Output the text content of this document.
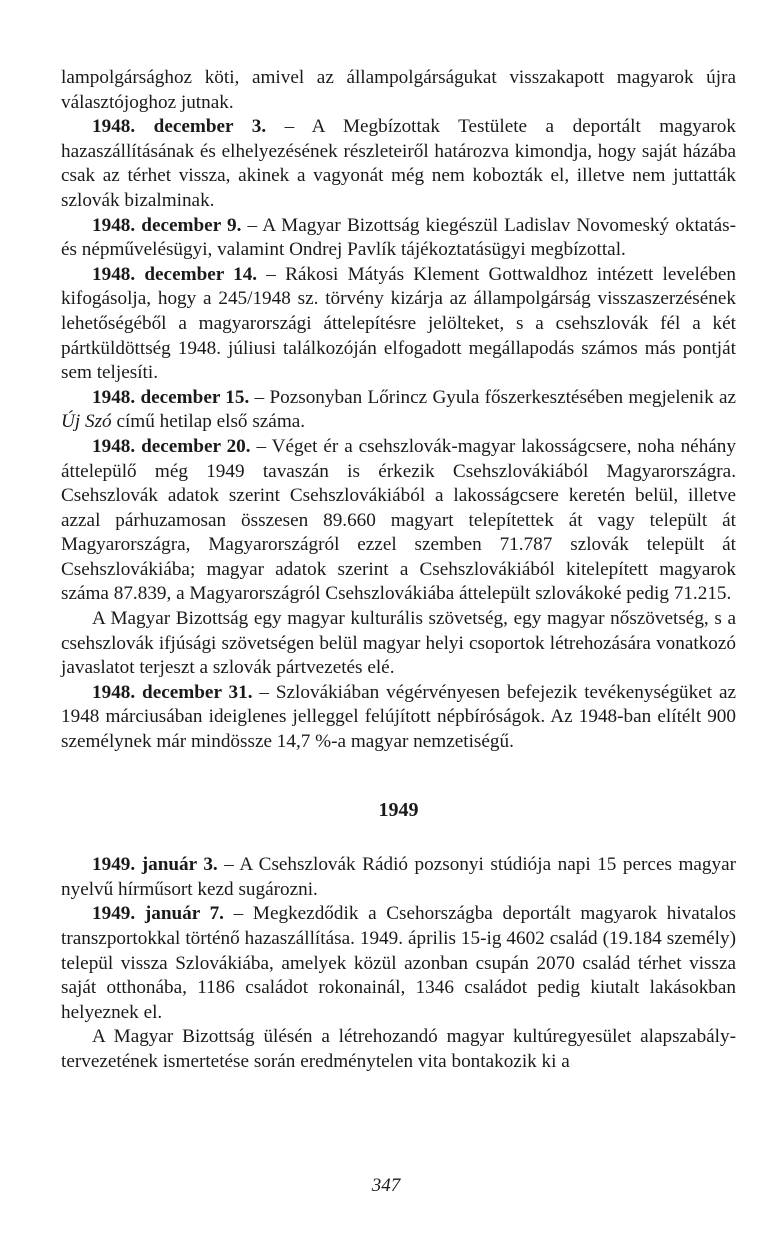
lampolgársághoz köti, amivel az állampolgárságukat visszakapott magyarok újra választójoghoz jutnak.

1948. december 3. – A Megbízottak Testülete a deportált magyarok hazaszállításának és elhelyezésének részleteiről határozva kimondja, hogy saját házába csak az térhet vissza, akinek a vagyonát még nem kobozták el, illetve nem juttatták szlovák bizalminak.

1948. december 9. – A Magyar Bizottság kiegészül Ladislav Novomeský oktatás- és népművelésügyi, valamint Ondrej Pavlík tájékoztatásügyi megbízottal.

1948. december 14. – Rákosi Mátyás Klement Gottwaldhoz intézett levelében kifogásolja, hogy a 245/1948 sz. törvény kizárja az állampolgárság visszaszerzésének lehetőségéből a magyarországi áttelepítésre jelölteket, s a csehszlovák fél a két pártküldöttség 1948. júliusi találkozóján elfogadott megállapodás számos más pontját sem teljesíti.

1948. december 15. – Pozsonyban Lőrincz Gyula főszerkesztésében megjelenik az Új Szó című hetilap első száma.

1948. december 20. – Véget ér a csehszlovák-magyar lakosságcsere, noha néhány áttelepülő még 1949 tavaszán is érkezik Csehszlovákiából Magyarországra. Csehszlovák adatok szerint Csehszlovákiából a lakosságcsere keretén belül, illetve azzal párhuzamosan összesen 89.660 magyart telepítettek át vagy települt át Magyarországra, Magyarországról ezzel szemben 71.787 szlovák települt át Csehszlovákiába; magyar adatok szerint a Csehszlovákiából kitelepített magyarok száma 87.839, a Magyarországról Csehszlovákiába áttelepült szlovákoké pedig 71.215.

A Magyar Bizottság egy magyar kulturális szövetség, egy magyar nőszövetség, s a csehszlovák ifjúsági szövetségen belül magyar helyi csoportok létrehozására vonatkozó javaslatot terjeszt a szlovák pártvezetés elé.

1948. december 31. – Szlovákiában végérvényesen befejezik tevékenységüket az 1948 márciusában ideiglenes jelleggel felújított népbíróságok. Az 1948-ban elítélt 900 személynek már mindössze 14,7 %-a magyar nemzetiségű.

1949

1949. január 3. – A Csehszlovák Rádió pozsonyi stúdiója napi 15 perces magyar nyelvű hírműsort kezd sugározni.

1949. január 7. – Megkezdődik a Csehországba deportált magyarok hivatalos transzportokkal történő hazaszállítása. 1949. április 15-ig 4602 család (19.184 személy) települ vissza Szlovákiába, amelyek közül azonban csupán 2070 család térhet vissza saját otthonába, 1186 családot rokonainál, 1346 családot pedig kiutalt lakásokban helyeznek el.

A Magyar Bizottság ülésén a létrehozandó magyar kultúregyesület alapszabály-tervezetének ismertetése során eredménytelen vita bontakozik ki a

347
